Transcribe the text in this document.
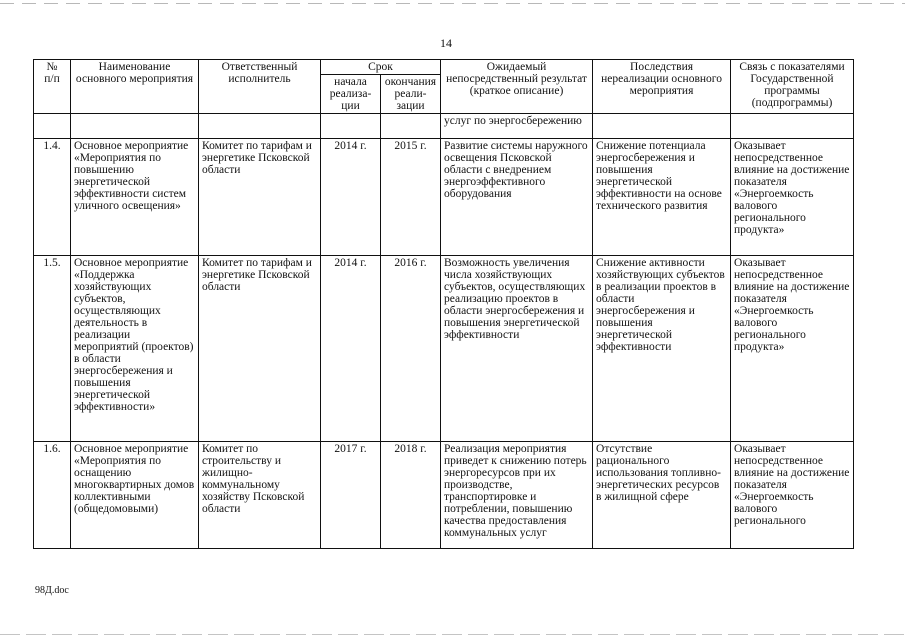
14
№
п/п	Наименование основного мероприятия	Ответственный исполнитель	Срок		Ожидаемый непосредственный результат (краткое описание)	Последствия нереализации основного мероприятия	Связь с показателями Государственной программы (подпрограммы)
			начала реализа-ции	окончания реали-зации			
					услуг по энергосбережению		
1.4.	Основное мероприятие «Мероприятия по повышению энергетической эффективности систем уличного освещения»	Комитет по тарифам и энергетике Псковской области	2014 г.	2015 г.	Развитие системы наружного освещения Псковской области с внедрением энергоэффективного оборудования	Снижение потенциала энергосбережения и повышения энергетической эффективности на основе технического развития	Оказывает непосредственное влияние на достижение показателя «Энергоемкость валового регионального продукта»
1.5.	Основное мероприятие «Поддержка хозяйствующих субъектов, осуществляющих деятельность в реализации мероприятий (проектов) в области энергосбережения и повышения энергетической эффективности»	Комитет по тарифам и энергетике Псковской области	2014 г.	2016 г.	Возможность увеличения числа хозяйствующих субъектов, осуществляющих реализацию проектов в области энергосбережения и повышения энергетической эффективности	Снижение активности хозяйствующих субъектов в реализации проектов в области энергосбережения и повышения энергетической эффективности	Оказывает непосредственное влияние на достижение показателя «Энергоемкость валового регионального продукта»
1.6.	Основное мероприятие «Мероприятия по оснащению многоквартирных домов коллективными (общедомовыми)	Комитет по строительству и жилищно-коммунальному хозяйству Псковской области	2017 г.	2018 г.	Реализация мероприятия приведет к снижению потерь энергоресурсов при их производстве, транспортировке и потреблении, повышению качества предоставления коммунальных услуг	Отсутствие рационального использования топливно-энергетических ресурсов в жилищной сфере	Оказывает непосредственное влияние на достижение показателя «Энергоемкость валового регионального
98Д.doc
